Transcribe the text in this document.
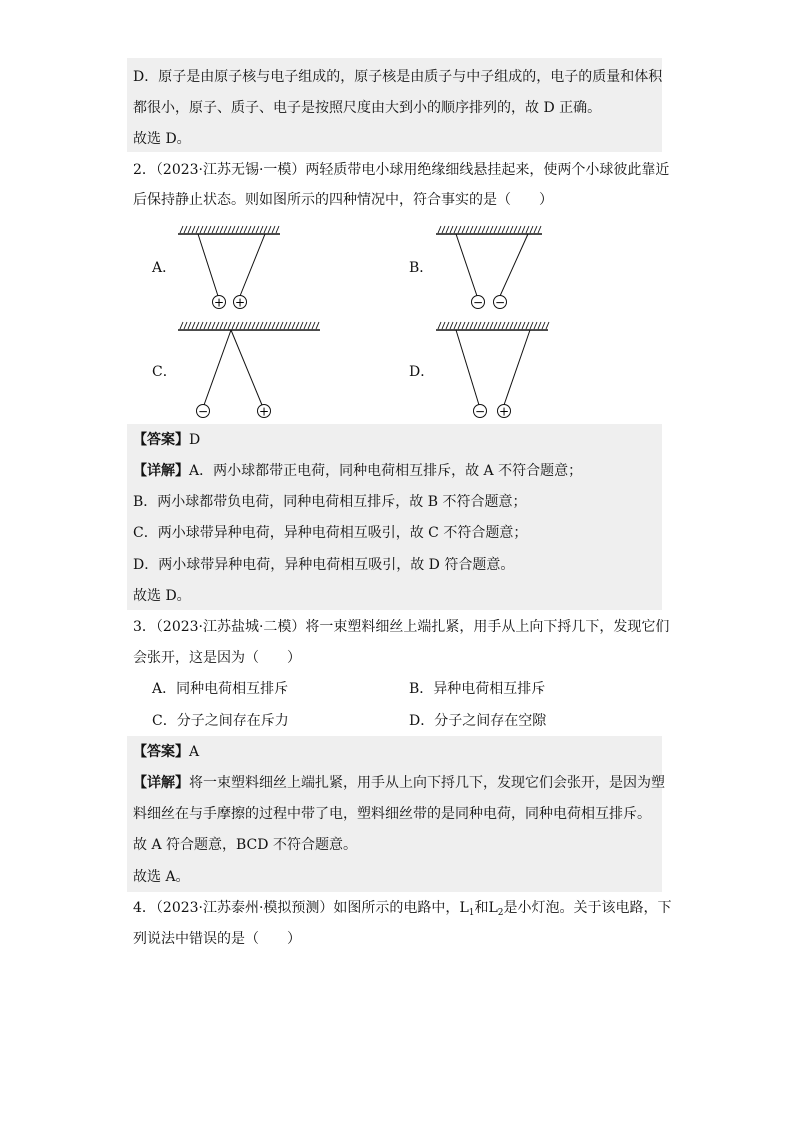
D．原子是由原子核与电子组成的，原子核是由质子与中子组成的，电子的质量和体积
都很小，原子、质子、电子是按照尺度由大到小的顺序排列的，故 D 正确。
故选 D。
2．（2023·江苏无锡·一模）两轻质带电小球用绝缘细线悬挂起来，使两个小球彼此靠近
后保持静止状态。则如图所示的四种情况中，符合事实的是（　　）
A．	B．
C．	D．
+ +	− −
−	+	− +
【答案】D
【详解】A．两小球都带正电荷，同种电荷相互排斥，故 A 不符合题意；
B．两小球都带负电荷，同种电荷相互排斥，故 B 不符合题意；
C．两小球带异种电荷，异种电荷相互吸引，故 C 不符合题意；
D．两小球带异种电荷，异种电荷相互吸引，故 D 符合题意。
故选 D。
3．（2023·江苏盐城·二模）将一束塑料细丝上端扎紧，用手从上向下捋几下，发现它们
会张开，这是因为（　　）
A．同种电荷相互排斥	B．异种电荷相互排斥
C．分子之间存在斥力	D．分子之间存在空隙
【答案】A
【详解】将一束塑料细丝上端扎紧，用手从上向下捋几下，发现它们会张开，是因为塑
料细丝在与手摩擦的过程中带了电，塑料细丝带的是同种电荷，同种电荷相互排斥。
故 A 符合题意，BCD 不符合题意。
故选 A。
4．（2023·江苏泰州·模拟预测）如图所示的电路中，$L_1$和$L_2$是小灯泡。关于该电路，下
列说法中错误的是（　　）
